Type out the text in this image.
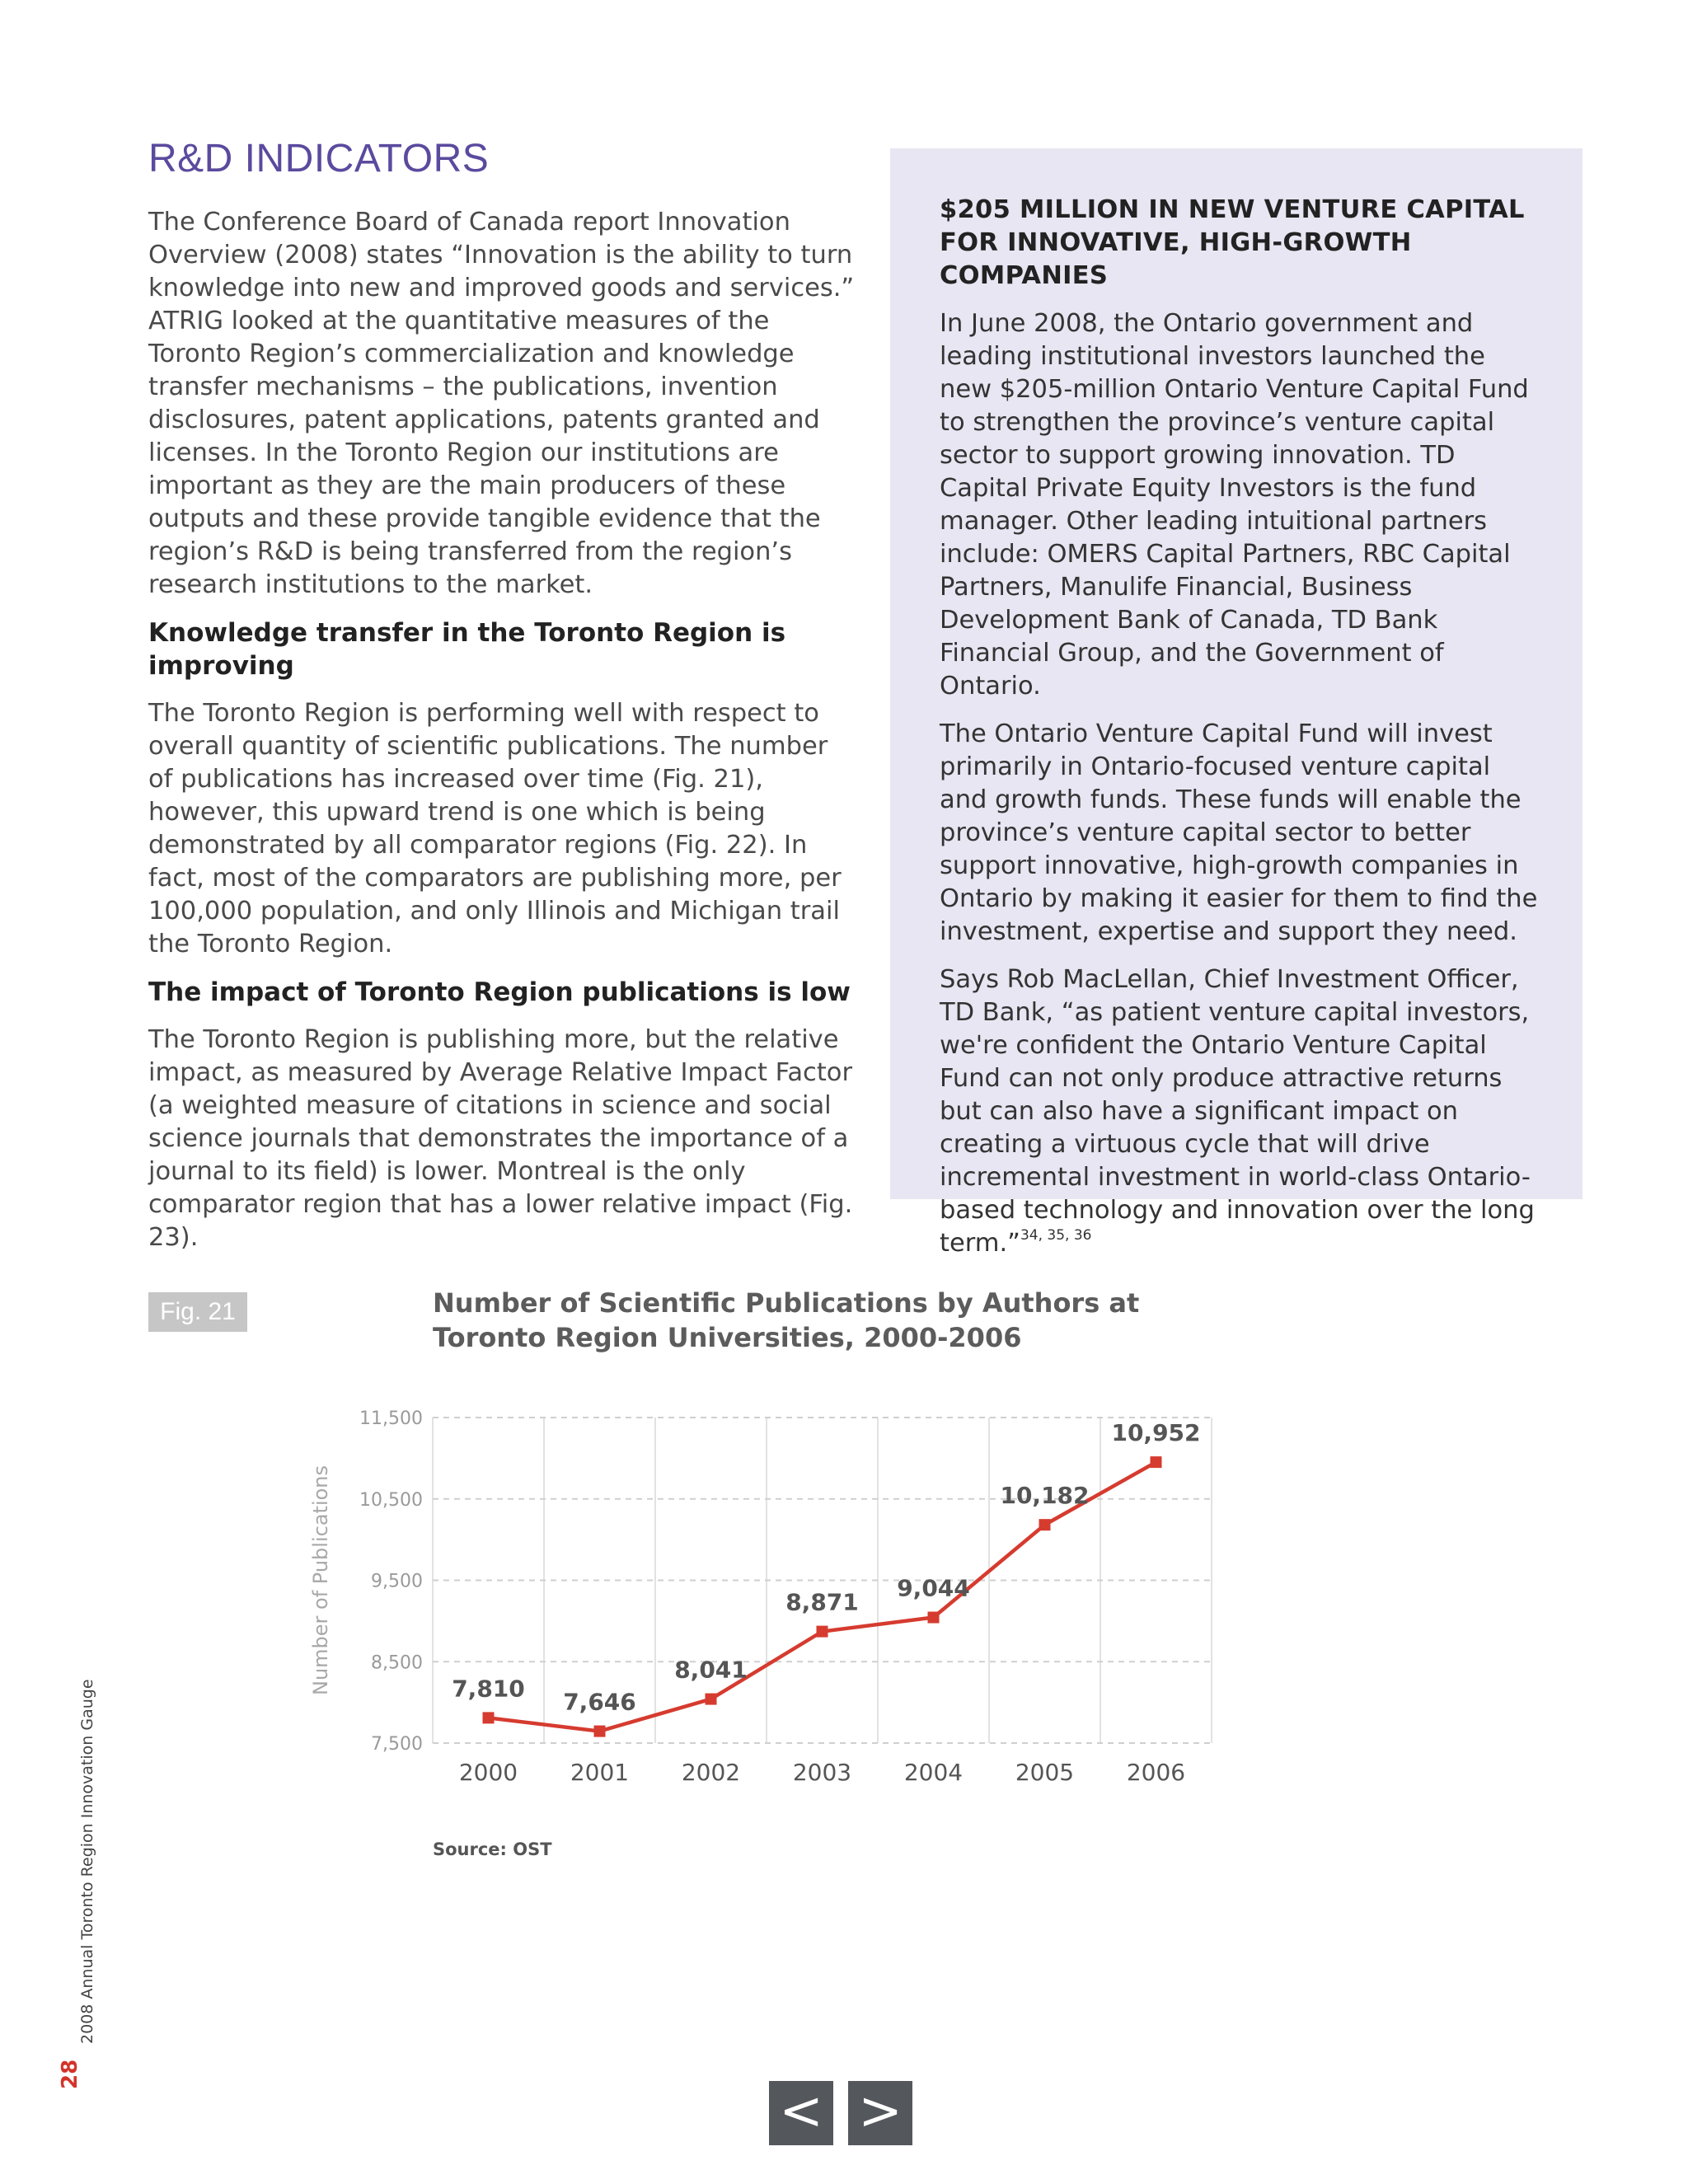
R&D INDICATORS

The Conference Board of Canada report Innovation Overview (2008) states “Innovation is the ability to turn knowledge into new and improved goods and services.” ATRIG looked at the quantitative measures of the Toronto Region’s commercialization and knowledge transfer mechanisms – the publications, invention disclosures, patent applications, patents granted and licenses. In the Toronto Region our institutions are important as they are the main producers of these outputs and these provide tangible evidence that the region’s R&D is being transferred from the region’s research institutions to the market.

Knowledge transfer in the Toronto Region is improving

The Toronto Region is performing well with respect to overall quantity of scientific publications. The number of publications has increased over time (Fig. 21), however, this upward trend is one which is being demonstrated by all comparator regions (Fig. 22). In fact, most of the comparators are publishing more, per 100,000 population, and only Illinois and Michigan trail the Toronto Region.

The impact of Toronto Region publications is low

The Toronto Region is publishing more, but the relative impact, as measured by Average Relative Impact Factor (a weighted measure of citations in science and social science journals that demonstrates the importance of a journal to its field) is lower. Montreal is the only comparator region that has a lower relative impact (Fig. 23).

$205 MILLION IN NEW VENTURE CAPITAL FOR INNOVATIVE, HIGH-GROWTH COMPANIES

In June 2008, the Ontario government and leading institutional investors launched the new $205-million Ontario Venture Capital Fund to strengthen the province’s venture capital sector to support growing innovation. TD Capital Private Equity Investors is the fund manager. Other leading intuitional partners include: OMERS Capital Partners, RBC Capital Partners, Manulife Financial, Business Development Bank of Canada, TD Bank Financial Group, and the Government of Ontario.

The Ontario Venture Capital Fund will invest primarily in Ontario-focused venture capital and growth funds. These funds will enable the province’s venture capital sector to better support innovative, high-growth companies in Ontario by making it easier for them to find the investment, expertise and support they need.

Says Rob MacLellan, Chief Investment Officer, TD Bank, “as patient venture capital investors, we're confident the Ontario Venture Capital Fund can not only produce attractive returns but can also have a significant impact on creating a virtuous cycle that will drive incremental investment in world-class Ontario-based technology and innovation over the long term.”$^{34, 35, 36}$

Fig. 21	Number of Scientific Publications by Authors at
Toronto Region Universities, 2000-2006
7,500
8,500
9,500
10,500
11,500
Number of Publications
2000 2001 2002 2003 2004 2005 2006
7,810 7,646
8,041
8,871
9,044
10,182
10,952
Source: OST
2008 Annual Toronto Region Innovation Gauge
28
< >
